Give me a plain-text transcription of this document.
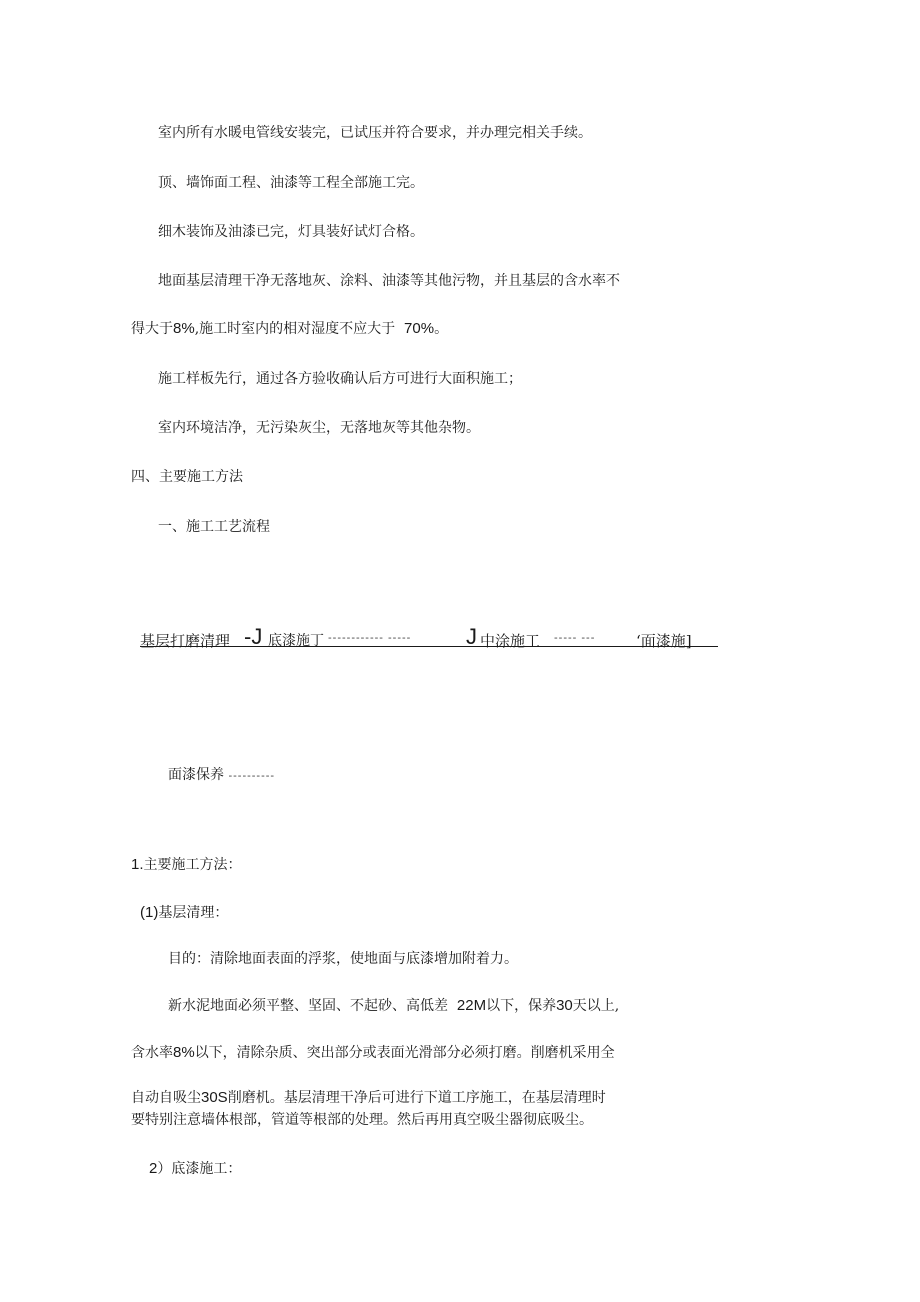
室内所有水暖电管线安装完，已试压并符合要求，并办理完相关手续。
顶、墙饰面工程、油漆等工程全部施工完。
细木装饰及油漆已完，灯具装好试灯合格。
地面基层清理干净无落地灰、涂料、油漆等其他污物，并且基层的含水率不
得大于8%,施工时室内的相对湿度不应大于 70%。
施工样板先行，通过各方验收确认后方可进行大面积施工；
室内环境洁净，无污染灰尘，无落地灰等其他杂物。
四、主要施工方法
一、施工工艺流程
基层打磨清理 -J 底漆施丁 ------------ ----- J 中涂施工 ----- ---	‘面漆施]
面漆保养 ----------
1.主要施工方法：
(1)基层清理：
目的：清除地面表面的浮浆，使地面与底漆增加附着力。
新水泥地面必须平整、坚固、不起砂、高低差 22M以下，保养30天以上,
含水率8%以下，清除杂质、突出部分或表面光滑部分必须打磨。削磨机采用全
自动自吸尘30S削磨机。基层清理干净后可进行下道工序施工，在基层清理时
要特别注意墙体根部，管道等根部的处理。然后再用真空吸尘器彻底吸尘。
2）底漆施工：
